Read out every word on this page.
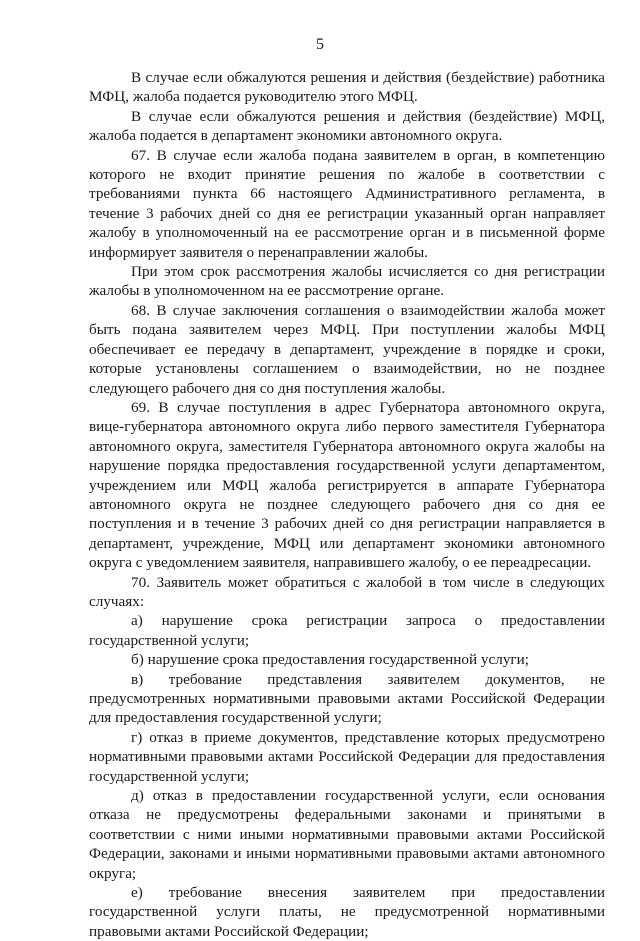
5

В случае если обжалуются решения и действия (бездействие) работника МФЦ, жалоба подается руководителю этого МФЦ.

В случае если обжалуются решения и действия (бездействие) МФЦ, жалоба подается в департамент экономики автономного округа.

67. В случае если жалоба подана заявителем в орган, в компетенцию которого не входит принятие решения по жалобе в соответствии с требованиями пункта 66 настоящего Административного регламента, в течение 3 рабочих дней со дня ее регистрации указанный орган направляет жалобу в уполномоченный на ее рассмотрение орган и в письменной форме информирует заявителя о перенаправлении жалобы.

При этом срок рассмотрения жалобы исчисляется со дня регистрации жалобы в уполномоченном на ее рассмотрение органе.

68. В случае заключения соглашения о взаимодействии жалоба может быть подана заявителем через МФЦ. При поступлении жалобы МФЦ обеспечивает ее передачу в департамент, учреждение в порядке и сроки, которые установлены соглашением о взаимодействии, но не позднее следующего рабочего дня со дня поступления жалобы.

69. В случае поступления в адрес Губернатора автономного округа, вице-губернатора автономного округа либо первого заместителя Губернатора автономного округа, заместителя Губернатора автономного округа жалобы на нарушение порядка предоставления государственной услуги департаментом, учреждением или МФЦ жалоба регистрируется в аппарате Губернатора автономного округа не позднее следующего рабочего дня со дня ее поступления и в течение 3 рабочих дней со дня регистрации направляется в департамент, учреждение, МФЦ или департамент экономики автономного округа с уведомлением заявителя, направившего жалобу, о ее переадресации.

70. Заявитель может обратиться с жалобой в том числе в следующих случаях:

а) нарушение срока регистрации запроса о предоставлении государственной услуги;

б) нарушение срока предоставления государственной услуги;

в) требование представления заявителем документов, не предусмотренных нормативными правовыми актами Российской Федерации для предоставления государственной услуги;

г) отказ в приеме документов, представление которых предусмотрено нормативными правовыми актами Российской Федерации для предоставления государственной услуги;

д) отказ в предоставлении государственной услуги, если основания отказа не предусмотрены федеральными законами и принятыми в соответствии с ними иными нормативными правовыми актами Российской Федерации, законами и иными нормативными правовыми актами автономного округа;

е) требование внесения заявителем при предоставлении государственной услуги платы, не предусмотренной нормативными правовыми актами Российской Федерации;
